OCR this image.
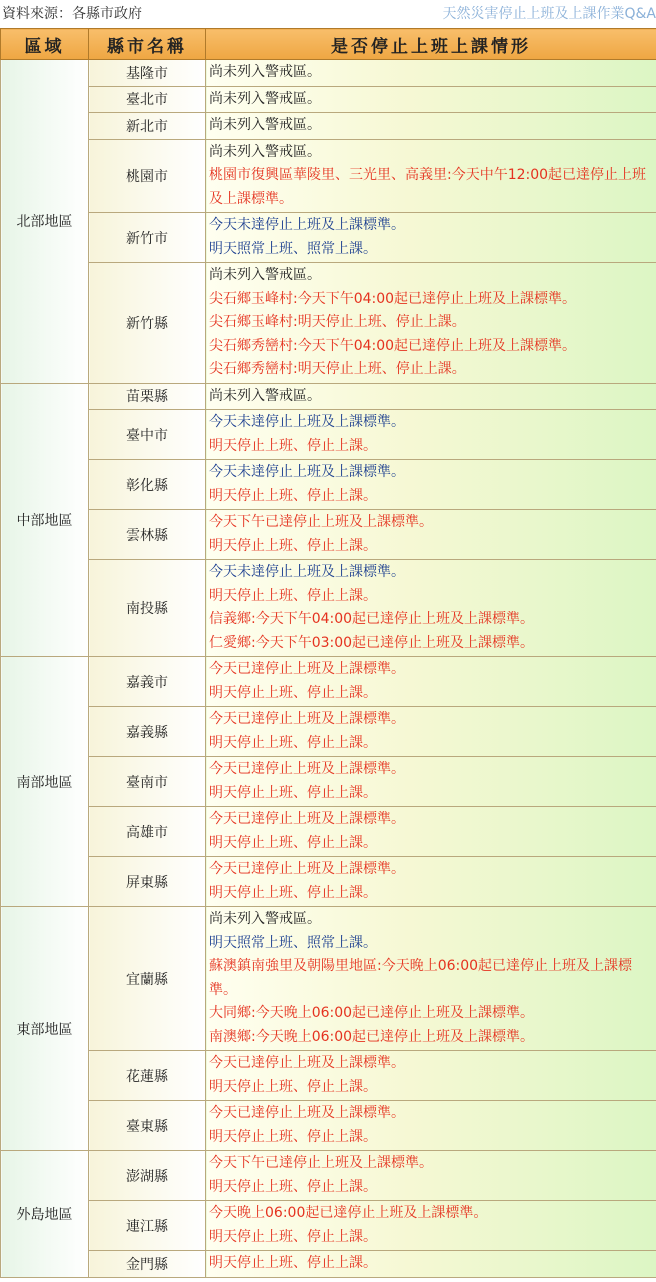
資料來源：各縣市政府	天然災害停止上班及上課作業Q&A
區域	縣市名稱	是否停止上班上課情形
北部地區	基隆市	尚未列入警戒區。

	臺北市	尚未列入警戒區。

	新北市	尚未列入警戒區。

	桃園市	尚未列入警戒區。
桃園市復興區華陵里、三光里、高義里:今天中午12:00起已達停止上班及上課標準。

	新竹市	今天未達停止上班及上課標準。
明天照常上班、照常上課。

	新竹縣	尚未列入警戒區。
尖石鄉玉峰村:今天下午04:00起已達停止上班及上課標準。
尖石鄉玉峰村:明天停止上班、停止上課。
尖石鄉秀巒村:今天下午04:00起已達停止上班及上課標準。
尖石鄉秀巒村:明天停止上班、停止上課。

中部地區	苗栗縣	尚未列入警戒區。

	臺中市	今天未達停止上班及上課標準。
明天停止上班、停止上課。

	彰化縣	今天未達停止上班及上課標準。
明天停止上班、停止上課。

	雲林縣	今天下午已達停止上班及上課標準。
明天停止上班、停止上課。

	南投縣	今天未達停止上班及上課標準。
明天停止上班、停止上課。
信義鄉:今天下午04:00起已達停止上班及上課標準。
仁愛鄉:今天下午03:00起已達停止上班及上課標準。

南部地區	嘉義市	今天已達停止上班及上課標準。
明天停止上班、停止上課。

	嘉義縣	今天已達停止上班及上課標準。
明天停止上班、停止上課。

	臺南市	今天已達停止上班及上課標準。
明天停止上班、停止上課。

	高雄市	今天已達停止上班及上課標準。
明天停止上班、停止上課。

	屏東縣	今天已達停止上班及上課標準。
明天停止上班、停止上課。

東部地區	宜蘭縣	尚未列入警戒區。
明天照常上班、照常上課。
蘇澳鎮南強里及朝陽里地區:今天晚上06:00起已達停止上班及上課標準。
大同鄉:今天晚上06:00起已達停止上班及上課標準。
南澳鄉:今天晚上06:00起已達停止上班及上課標準。

	花蓮縣	今天已達停止上班及上課標準。
明天停止上班、停止上課。

	臺東縣	今天已達停止上班及上課標準。
明天停止上班、停止上課。

外島地區	澎湖縣	今天下午已達停止上班及上課標準。
明天停止上班、停止上課。

	連江縣	今天晚上06:00起已達停止上班及上課標準。
明天停止上班、停止上課。

	金門縣	明天停止上班、停止上課。
